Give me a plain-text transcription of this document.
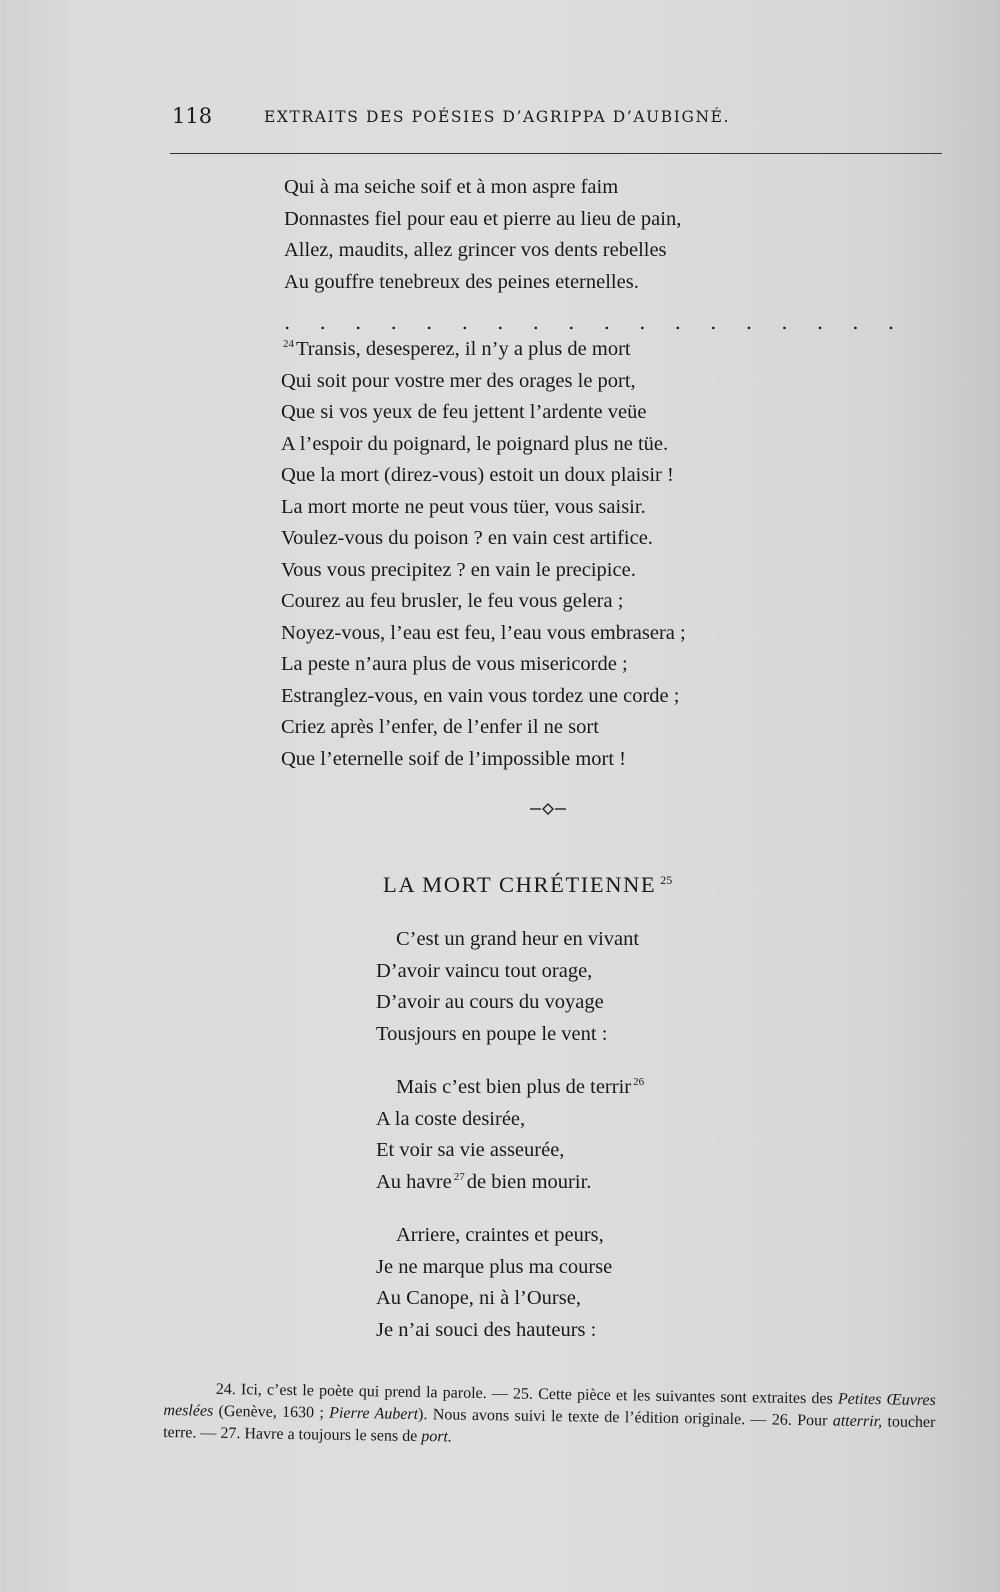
118	EXTRAITS DES POÉSIES D’AGRIPPA D’AUBIGNÉ.
Qui à ma seiche soif et à mon aspre faim
Donnastes fiel pour eau et pierre au lieu de pain,
Allez, maudits, allez grincer vos dents rebelles
Au gouffre tenebreux des peines eternelles.
. . . . . . . . . . . . . . . . . .
$^{24}$Transis, desesperez, il n’y a plus de mort
Qui soit pour vostre mer des orages le port,
Que si vos yeux de feu jettent l’ardente veüe
A l’espoir du poignard, le poignard plus ne tüe.
Que la mort (direz-vous) estoit un doux plaisir !
La mort morte ne peut vous tüer, vous saisir.
Voulez-vous du poison ? en vain cest artifice.
Vous vous precipitez ? en vain le precipice.
Courez au feu brusler, le feu vous gelera ;
Noyez-vous, l’eau est feu, l’eau vous embrasera ;
La peste n’aura plus de vous misericorde ;
Estranglez-vous, en vain vous tordez une corde ;
Criez après l’enfer, de l’enfer il ne sort
Que l’eternelle soif de l’impossible mort !
LA MORT CHRÉTIENNE $^{25}$
C’est un grand heur en vivant
D’avoir vaincu tout orage,
D’avoir au cours du voyage
Tousjours en poupe le vent :
Mais c’est bien plus de terrir $^{26}$
A la coste desirée,
Et voir sa vie asseurée,
Au havre $^{27}$de bien mourir.
Arriere, craintes et peurs,
Je ne marque plus ma course
Au Canope, ni à l’Ourse,
Je n’ai souci des hauteurs :

24. Ici, c’est le poète qui prend la parole. — 25. Cette pièce et les suivantes sont extraites des Petites Œuvres meslées (Genève, 1630 ; Pierre Aubert). Nous avons suivi le texte de l’édition originale. — 26. Pour atterrir, toucher terre. — 27. Havre a toujours le sens de port.
